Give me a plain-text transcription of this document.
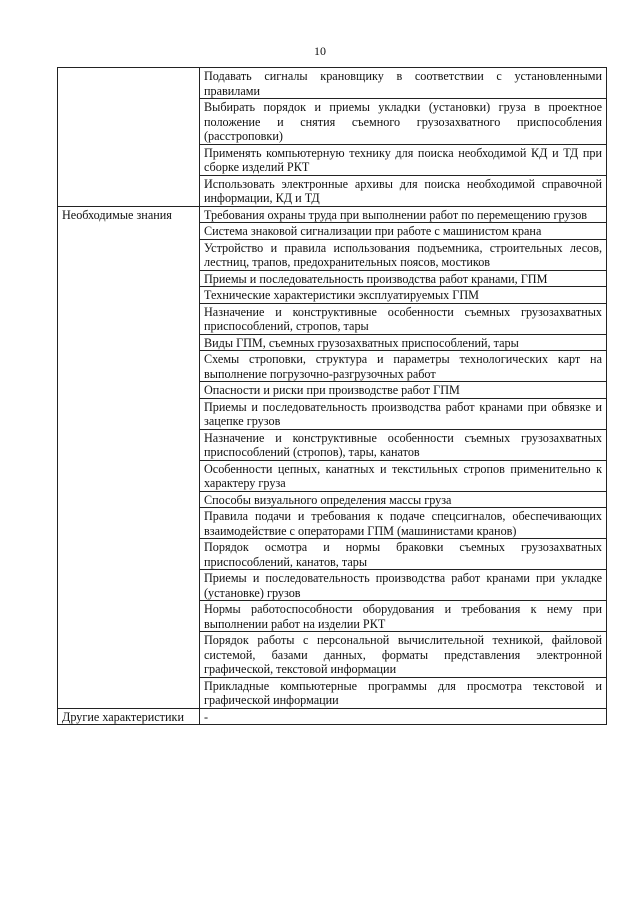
10
	Подавать сигналы крановщику в соответствии с установленными правилами
	Выбирать порядок и приемы укладки (установки) груза в проектное положение и снятия съемного грузозахватного приспособления (расстроповки)
	Применять компьютерную технику для поиска необходимой КД и ТД при сборке изделий РКТ
	Использовать электронные архивы для поиска необходимой справочной информации, КД и ТД
Необходимые знания	Требования охраны труда при выполнении работ по перемещению грузов
	Система знаковой сигнализации при работе с машинистом крана
	Устройство и правила использования подъемника, строительных лесов, лестниц, трапов, предохранительных поясов, мостиков
	Приемы и последовательность производства работ кранами, ГПМ
	Технические характеристики эксплуатируемых ГПМ
	Назначение и конструктивные особенности съемных грузозахватных приспособлений, стропов, тары
	Виды ГПМ, съемных грузозахватных приспособлений, тары
	Схемы строповки, структура и параметры технологических карт на выполнение погрузочно-разгрузочных работ
	Опасности и риски при производстве работ ГПМ
	Приемы и последовательность производства работ кранами при обвязке и зацепке грузов
	Назначение и конструктивные особенности съемных грузозахватных приспособлений (стропов), тары, канатов
	Особенности цепных, канатных и текстильных стропов применительно к характеру груза
	Способы визуального определения массы груза
	Правила подачи и требования к подаче спецсигналов, обеспечивающих взаимодействие с операторами ГПМ (машинистами кранов)
	Порядок осмотра и нормы браковки съемных грузозахватных приспособлений, канатов, тары
	Приемы и последовательность производства работ кранами при укладке (установке) грузов
	Нормы работоспособности оборудования и требования к нему при выполнении работ на изделии РКТ
	Порядок работы с персональной вычислительной техникой, файловой системой, базами данных, форматы представления электронной графической, текстовой информации
	Прикладные компьютерные программы для просмотра текстовой и графической информации
Другие характеристики	-
